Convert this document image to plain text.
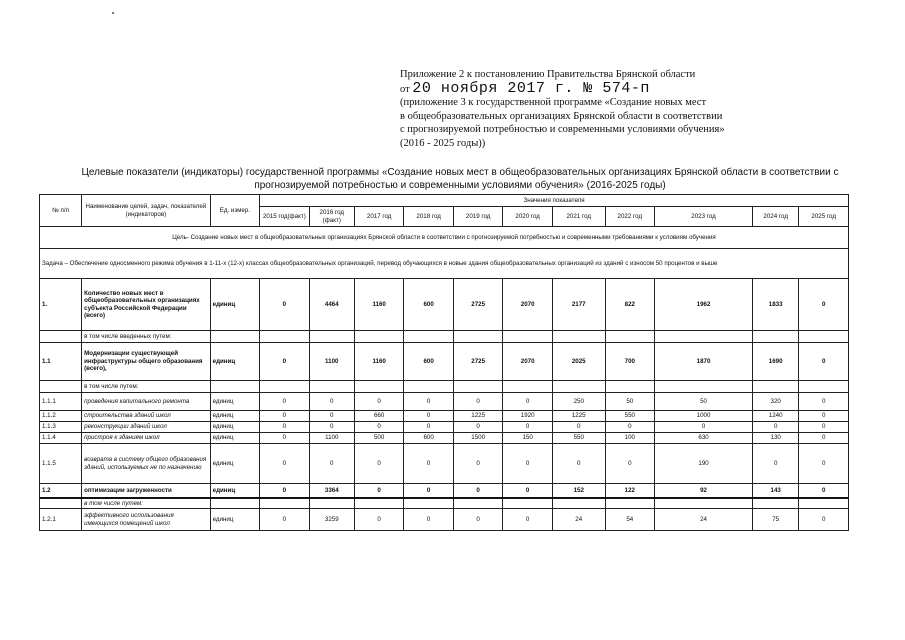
Приложение 2 к постановлению Правительства Брянской области
от 20 ноября 2017 г. № 574-п
(приложение 3 к государственной программе «Создание новых мест
в общеобразовательных организациях Брянской области в соответствии
с прогнозируемой потребностью и современными условиями обучения»
(2016 - 2025 годы))
Целевые показатели (индикаторы) государственной программы «Создание новых мест в общеобразовательных организациях Брянской области в соответствии с
прогнозируемой потребностью и современными условиями обучения» (2016-2025 годы)
№ п/п	Наименование целей, задач, показателей (индикаторов)	Ед. измер.	Значения показателя										
			2015 год(факт)	2016 год (факт)	2017 год	2018 год	2019 год	2020 год	2021 год	2022 год	2023 год	2024 год	2025 год
Цель- Создание новых мест в общеобразовательных организациях Брянской области в соответствии с прогнозируемой потребностью и современными требованиями к условиям обучения													
Задача – Обеспечение односменного режима обучения в 1-11-х (12-х) классах общеобразовательных организаций, перевод обучающихся в новые здания общеобразовательных организаций из зданий с износом 50 процентов и выше													
1.	Количество новых мест в общеобразовательных организациях субъекта Российской Федерации (всего)	единиц	0	4464	1160	600	2725	2070	2177	822	1962	1833	0
	в том числе введенных путем:												
1.1	Модернизации существующей инфраструктуры общего образования (всего),	единиц	0	1100	1160	600	2725	2070	2025	700	1870	1690	0
	в том числе путем:												
1.1.1	проведения капитального ремонта	единиц	0	0	0	0	0	0	250	50	50	320	0
1.1.2	строительства зданий школ	единиц	0	0	660	0	1225	1920	1225	550	1000	1240	0
1.1.3	реконструкции зданий школ	единиц	0	0	0	0	0	0	0	0	0	0	0
1.1.4	пристроя к зданиям школ	единиц	0	1100	500	600	1500	150	550	100	630	130	0
1.1.5	возврата в систему общего образования зданий, используемых не по назначению	единиц	0	0	0	0	0	0	0	0	190	0	0
1.2	оптимизации загруженности	единиц	0	3364	0	0	0	0	152	122	92	143	0
	в том числе путем:												
1.2.1	эффективного использования имеющихся помещений школ	единиц	0	3259	0	0	0	0	24	54	24	75	0
